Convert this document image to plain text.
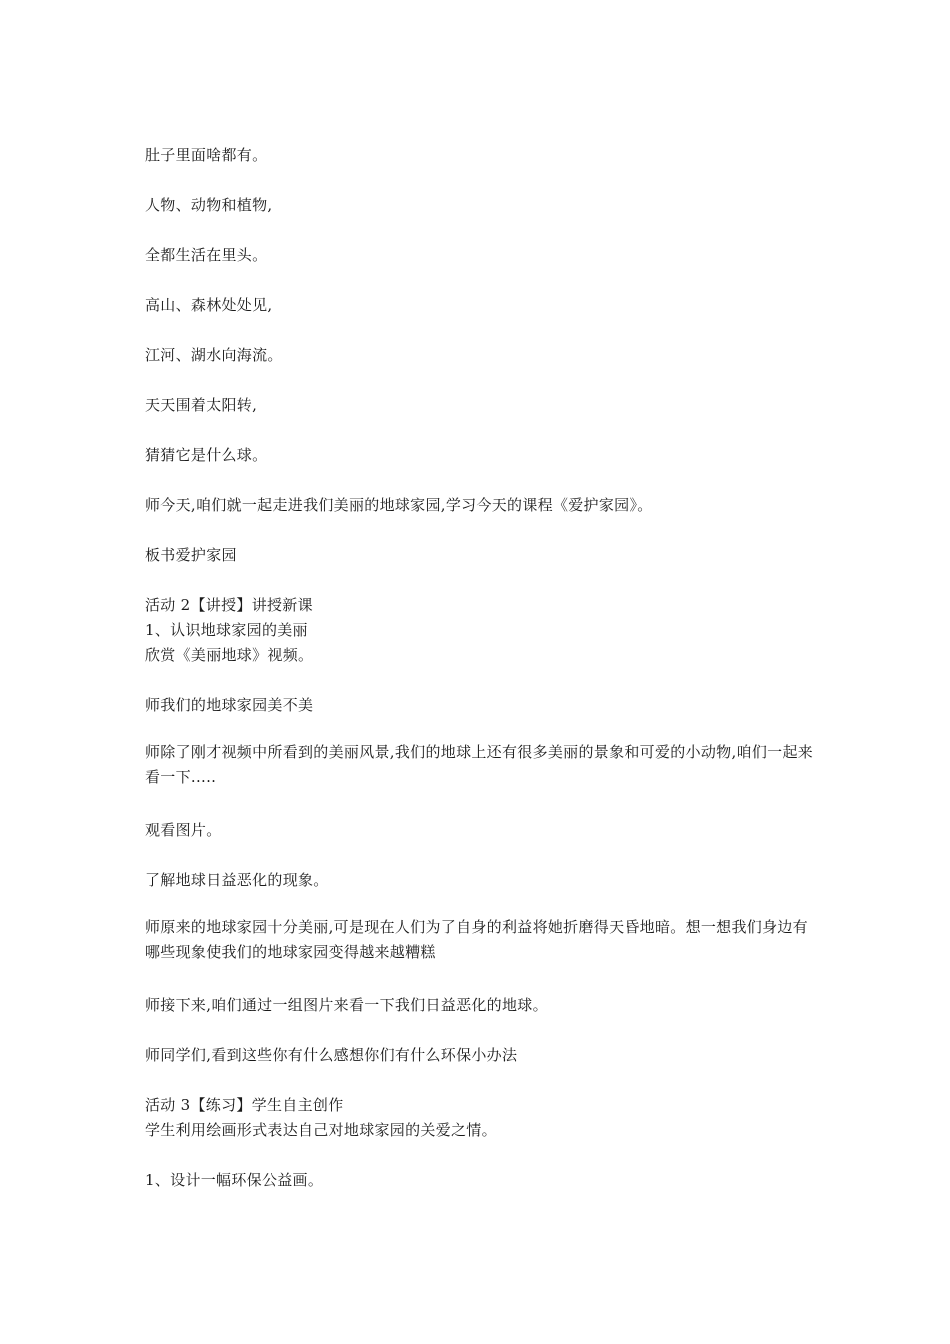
肚子里面啥都有。
人物、动物和植物,
全都生活在里头。
高山、森林处处见,
江河、湖水向海流。
天天围着太阳转,
猜猜它是什么球。
师今天,咱们就一起走进我们美丽的地球家园,学习今天的课程《爱护家园》。
板书爱护家园
活动 2【讲授】讲授新课
1、认识地球家园的美丽
欣赏《美丽地球》视频。
师我们的地球家园美不美
师除了刚才视频中所看到的美丽风景,我们的地球上还有很多美丽的景象和可爱的小动物,咱们一起来看一下.....
观看图片。
了解地球日益恶化的现象。
师原来的地球家园十分美丽,可是现在人们为了自身的利益将她折磨得天昏地暗。想一想我们身边有哪些现象使我们的地球家园变得越来越糟糕
师接下来,咱们通过一组图片来看一下我们日益恶化的地球。
师同学们,看到这些你有什么感想你们有什么环保小办法
活动 3【练习】学生自主创作
学生利用绘画形式表达自己对地球家园的关爱之情。
1、设计一幅环保公益画。
